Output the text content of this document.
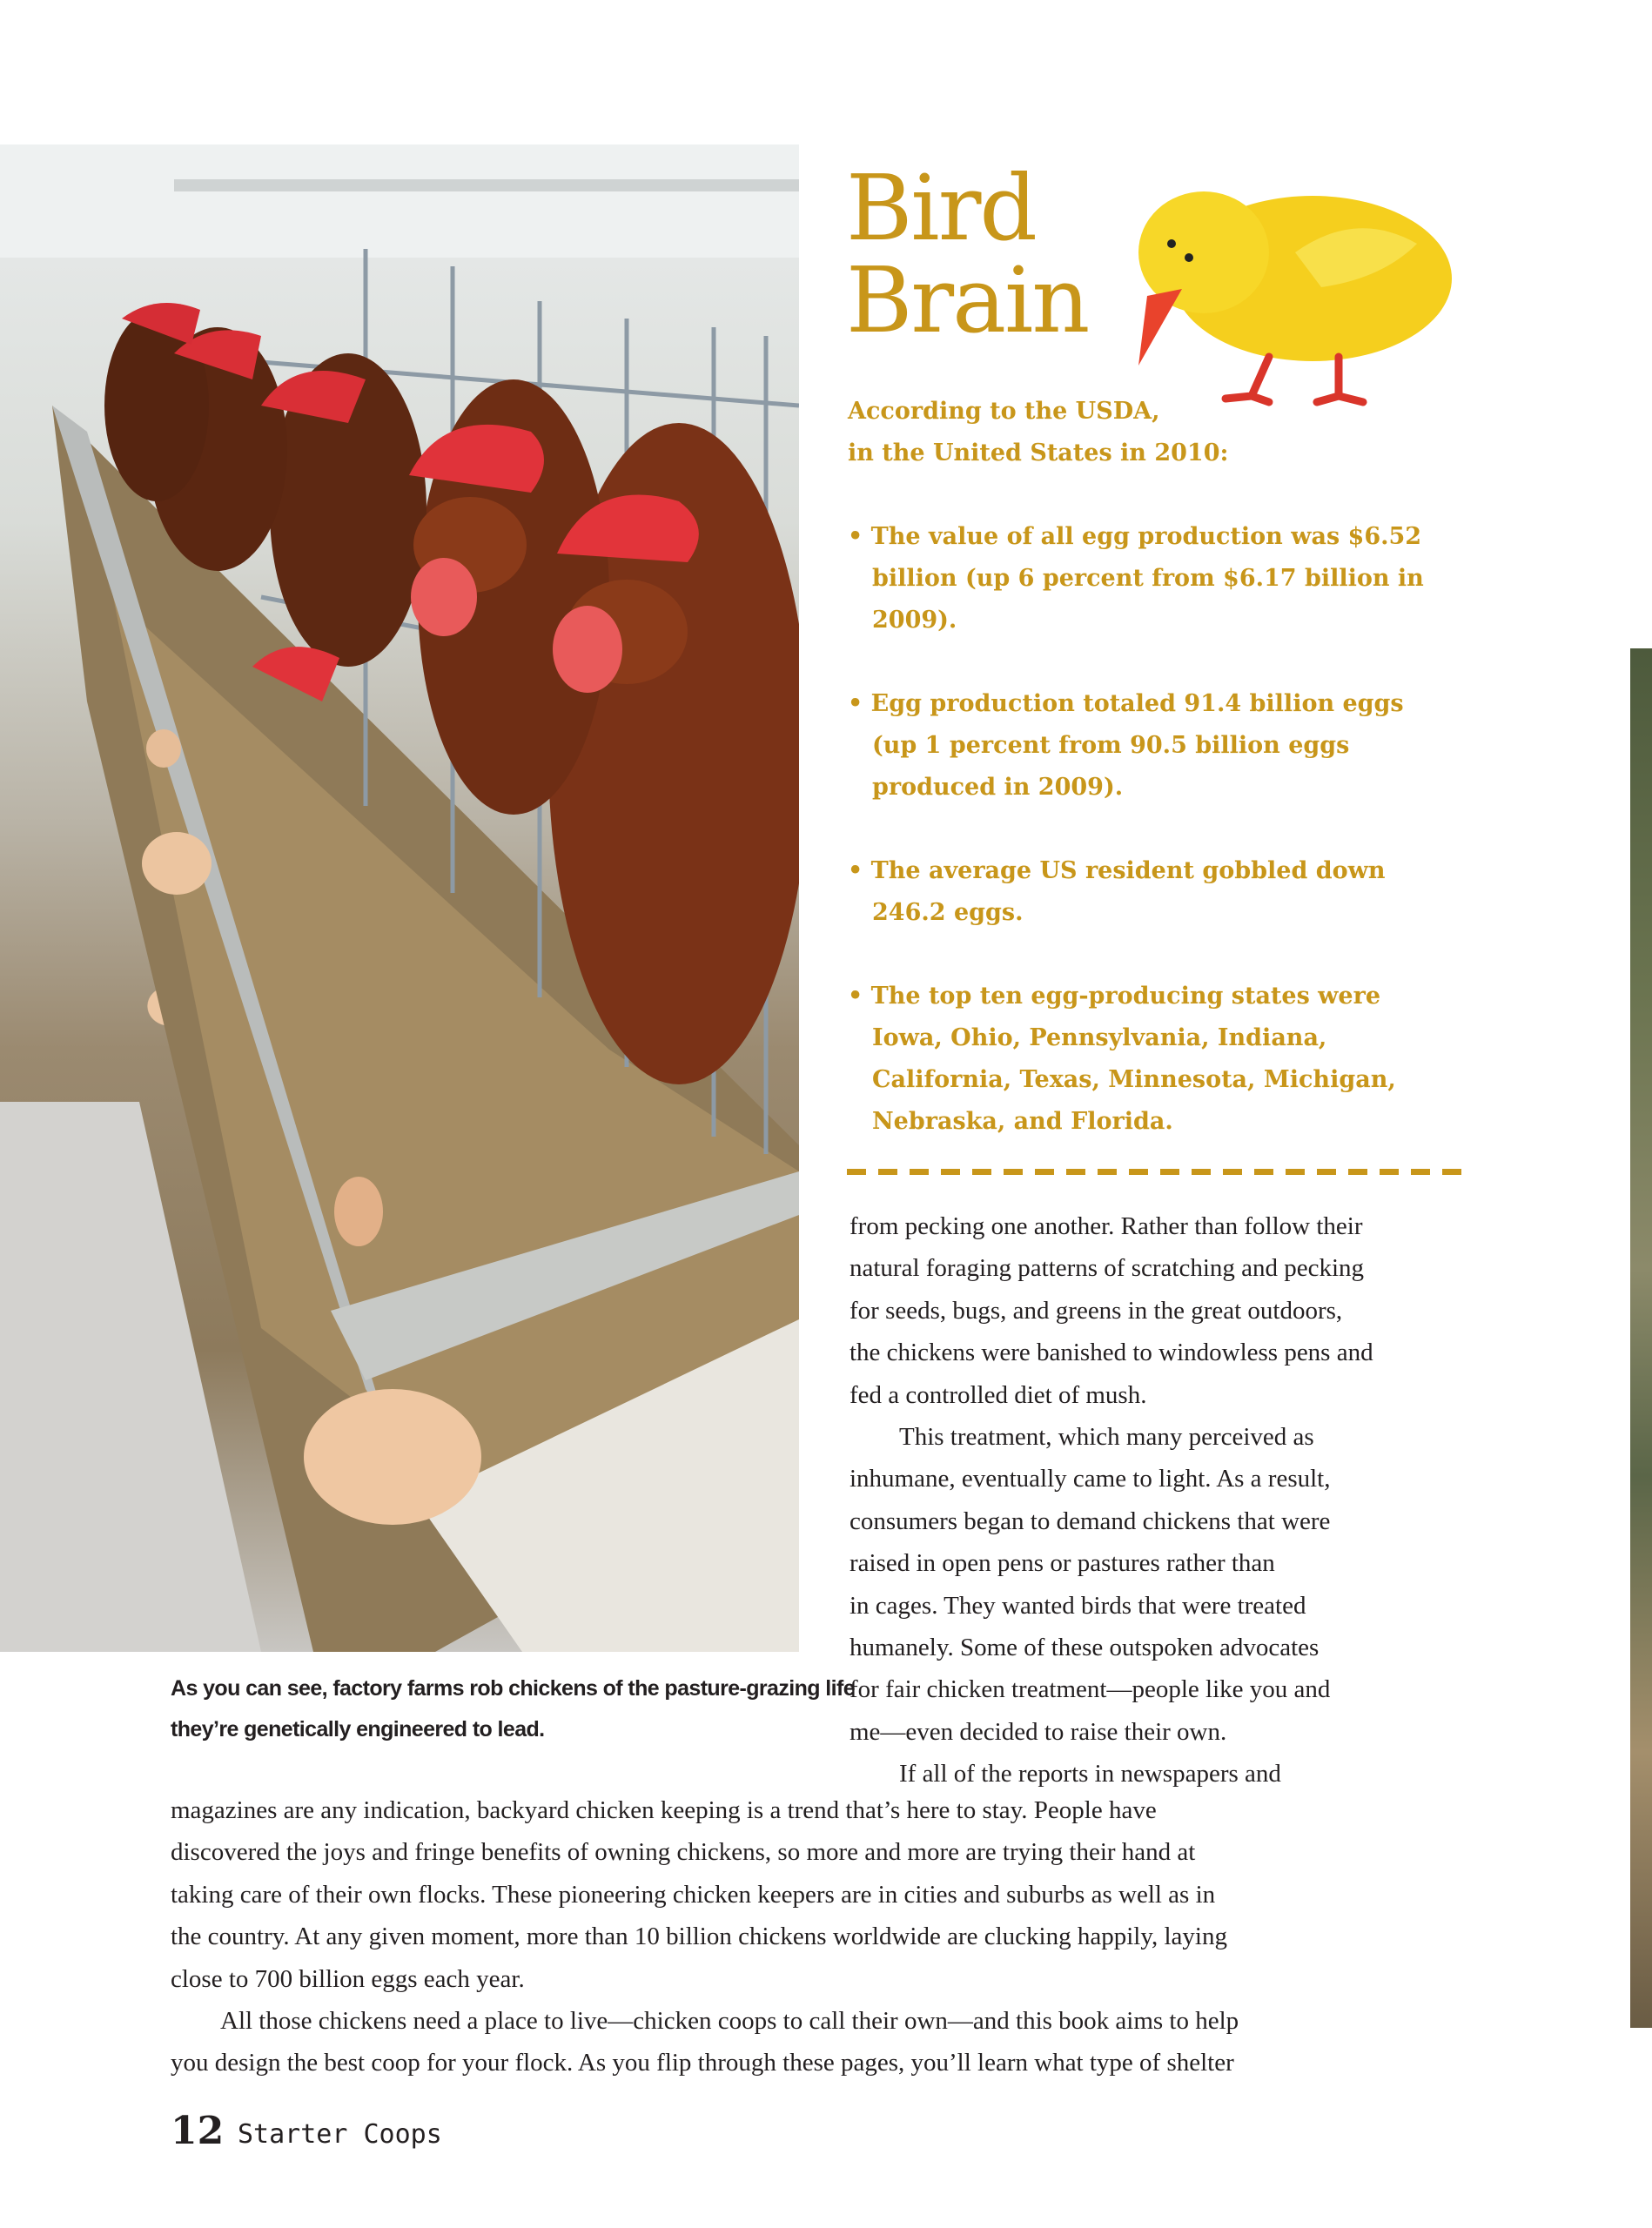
As you can see, factory farms rob chickens of the pasture-grazing life
they’re genetically engineered to lead.
Bird
Brain
According to the USDA,
in the United States in 2010:
• The value of all egg production was $6.52
billion (up 6 percent from $6.17 billion in
2009).
• Egg production totaled 91.4 billion eggs
(up 1 percent from 90.5 billion eggs
produced in 2009).
• The average US resident gobbled down
246.2 eggs.
• The top ten egg-producing states were
Iowa, Ohio, Pennsylvania, Indiana,
California, Texas, Minnesota, Michigan,
Nebraska, and Florida.
from pecking one another. Rather than follow their
natural foraging patterns of scratching and pecking
for seeds, bugs, and greens in the great outdoors,
the chickens were banished to windowless pens and
fed a controlled diet of mush.
This treatment, which many perceived as
inhumane, eventually came to light. As a result,
consumers began to demand chickens that were
raised in open pens or pastures rather than
in cages. They wanted birds that were treated
humanely. Some of these outspoken advocates
for fair chicken treatment—people like you and
me—even decided to raise their own.
If all of the reports in newspapers and
magazines are any indication, backyard chicken keeping is a trend that’s here to stay. People have
discovered the joys and fringe benefits of owning chickens, so more and more are trying their hand at
taking care of their own flocks. These pioneering chicken keepers are in cities and suburbs as well as in
the country. At any given moment, more than 10 billion chickens worldwide are clucking happily, laying
close to 700 billion eggs each year.
All those chickens need a place to live—chicken coops to call their own—and this book aims to help
you design the best coop for your flock. As you flip through these pages, you’ll learn what type of shelter
12 Starter Coops
